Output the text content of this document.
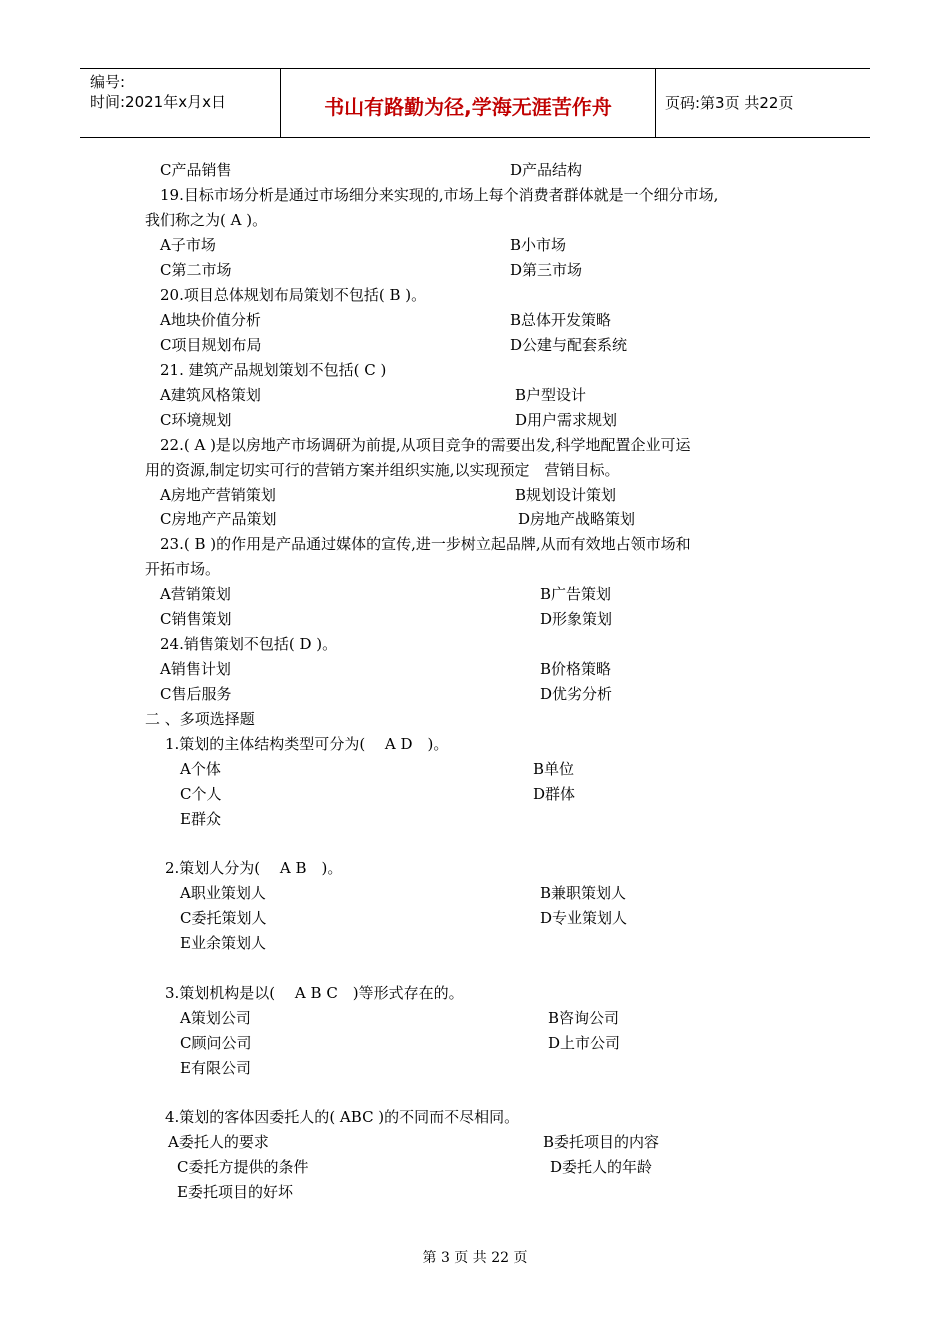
编号:
时间:2021年x月x日	书山有路勤为径,学海无涯苦作舟	页码:第3页 共22页
C产品销售	D产品结构
19.目标市场分析是通过市场细分来实现的,市场上每个消费者群体就是一个细分市场,
我们称之为( A )。
A子市场	B小市场
C第二市场	D第三市场
20.项目总体规划布局策划不包括( B )。
A地块价值分析	B总体开发策略
C项目规划布局	D公建与配套系统
21. 建筑产品规划策划不包括( C )
A建筑风格策划	B户型设计
C环境规划	D用户需求规划
22.( A )是以房地产市场调研为前提,从项目竞争的需要出发,科学地配置企业可运
用的资源,制定切实可行的营销方案并组织实施,以实现预定　营销目标。
A房地产营销策划	B规划设计策划
C房地产产品策划	D房地产战略策划
23.( B )的作用是产品通过媒体的宣传,进一步树立起品牌,从而有效地占领市场和
开拓市场。
A营销策划	B广告策划
C销售策划	D形象策划
24.销售策划不包括( D )。
A销售计划	B价格策略
C售后服务	D优劣分析
二 、多项选择题
1.策划的主体结构类型可分为(　 A D　)。
A个体	B单位
C个人	D群体
E群众
2.策划人分为(　 A B　)。
A职业策划人	B兼职策划人
C委托策划人	D专业策划人
E业余策划人
3.策划机构是以(　 A B C　)等形式存在的。
A策划公司	B咨询公司
C顾问公司	D上市公司
E有限公司
4.策划的客体因委托人的( ABC )的不同而不尽相同。
A委托人的要求	B委托项目的内容
C委托方提供的条件	D委托人的年龄
E委托项目的好坏
第 3 页 共 22 页
